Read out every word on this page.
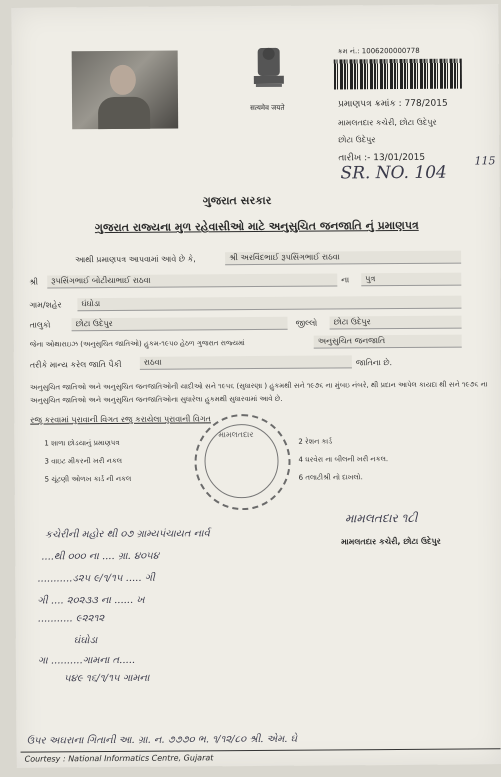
सत्यमेव जयते
ક્રમ નં.: 1006200000778
પ્રમાણપત્ર ક્રમાંક : 778/2015
મામલતદાર કચેરી, છોટા ઉદેપુર
છોટા ઉદેપુર
તારીખ :- 13/01/2015
SR. NO. 104
115
ગુજરાત સરકાર
ગુજરાત રાજ્યના મુળ રહેવાસીઓ માટે અનુસુચિત જનજાતિ નું પ્રમાણપત્ર
આથી પ્રમાણપત્ર આપવામાં આવે છે કે,	શ્રી અરવિંદભાઈ રૂપસિંગભાઈ રાઠવા
શ્રી	રૂપસિંગભાઈ બોટીયાભાઈ રાઠવા	ના	પુત્ર
ગામ/શહેર	ઘંઘોડા
તાલુકો	છોટા ઉદેપુર	જીલ્લો	છોટા ઉદેપુર
જેના ઓથારાઇઝ (અનુસુચિત જાતિઓ) હુકમ-૧૯૫૦ હેઠળ ગુજરાત રાજ્યમાં	અનુસુચિત જનજાતિ
તરીકે માન્ય કરેલ જાતિ પૈકી	રાઠવા	જાતિના છે.
અનુસુચિત જાતિઓ અને અનુસુચિત જનજાતિઓની યાદીઓ સને ૧૯૫૬ (સુધારણા ) હુકમથી સને ૧૯૭૬ ના મુંબઇ નંબરે, થી પ્રદાન આપેલ કાયદા થી સને ૧૯૭૬ ના અનુસુચિત જાતિઓ અને અનુસુચિત જનજાતિઓના સુધારેલા હુકમથી સુધારવામાં આવે છે.
રજુ કરવામાં પુરાવાની વિગત રજુ કરાયેલા પુરાવાની વિગત
1 શાળા છોડયાનું પ્રમાણપત્ર
3 વાઇટ મીકરની ખરી નકલ
5 ચૂંટણી ઓળખ કાર્ડ ની નકલ
2 રેશન કાર્ડ
4 ઘરવેરા ના બીલની ખરી નકલ.
6 તલાટીશ્રી નો દાખલો.
મામલતદાર
મામલતદાર ૧૮ી
મામલતદાર કચેરી, છોટા ઉદેપુર
કચેરીની મહોર થી ૦૭ ગ્રામ્યપંચાયત નાર્વ
....થી ૦૦૦ ના .... ગ્રા. ૪૦૫૪
...........ડ૨૫ ૯/૧/૧૫ ..... ગી
ગી .... ૨૦૨૩૩ ના ...... ખ
........... ૯૨૨૧૨
ઘંઘોડા
ગા ..........ગામના ત.....
૫૪૯ ૧૬/૧/૧૫ ગામના
ઉપર અઘરાના ગિતાની આ. ગ્રા. ન. ૭૭૭૦ ભ. ૧/૧૨/૮૦ શ્રી. એમ. ઘે
Courtesy : National Informatics Centre, Gujarat
